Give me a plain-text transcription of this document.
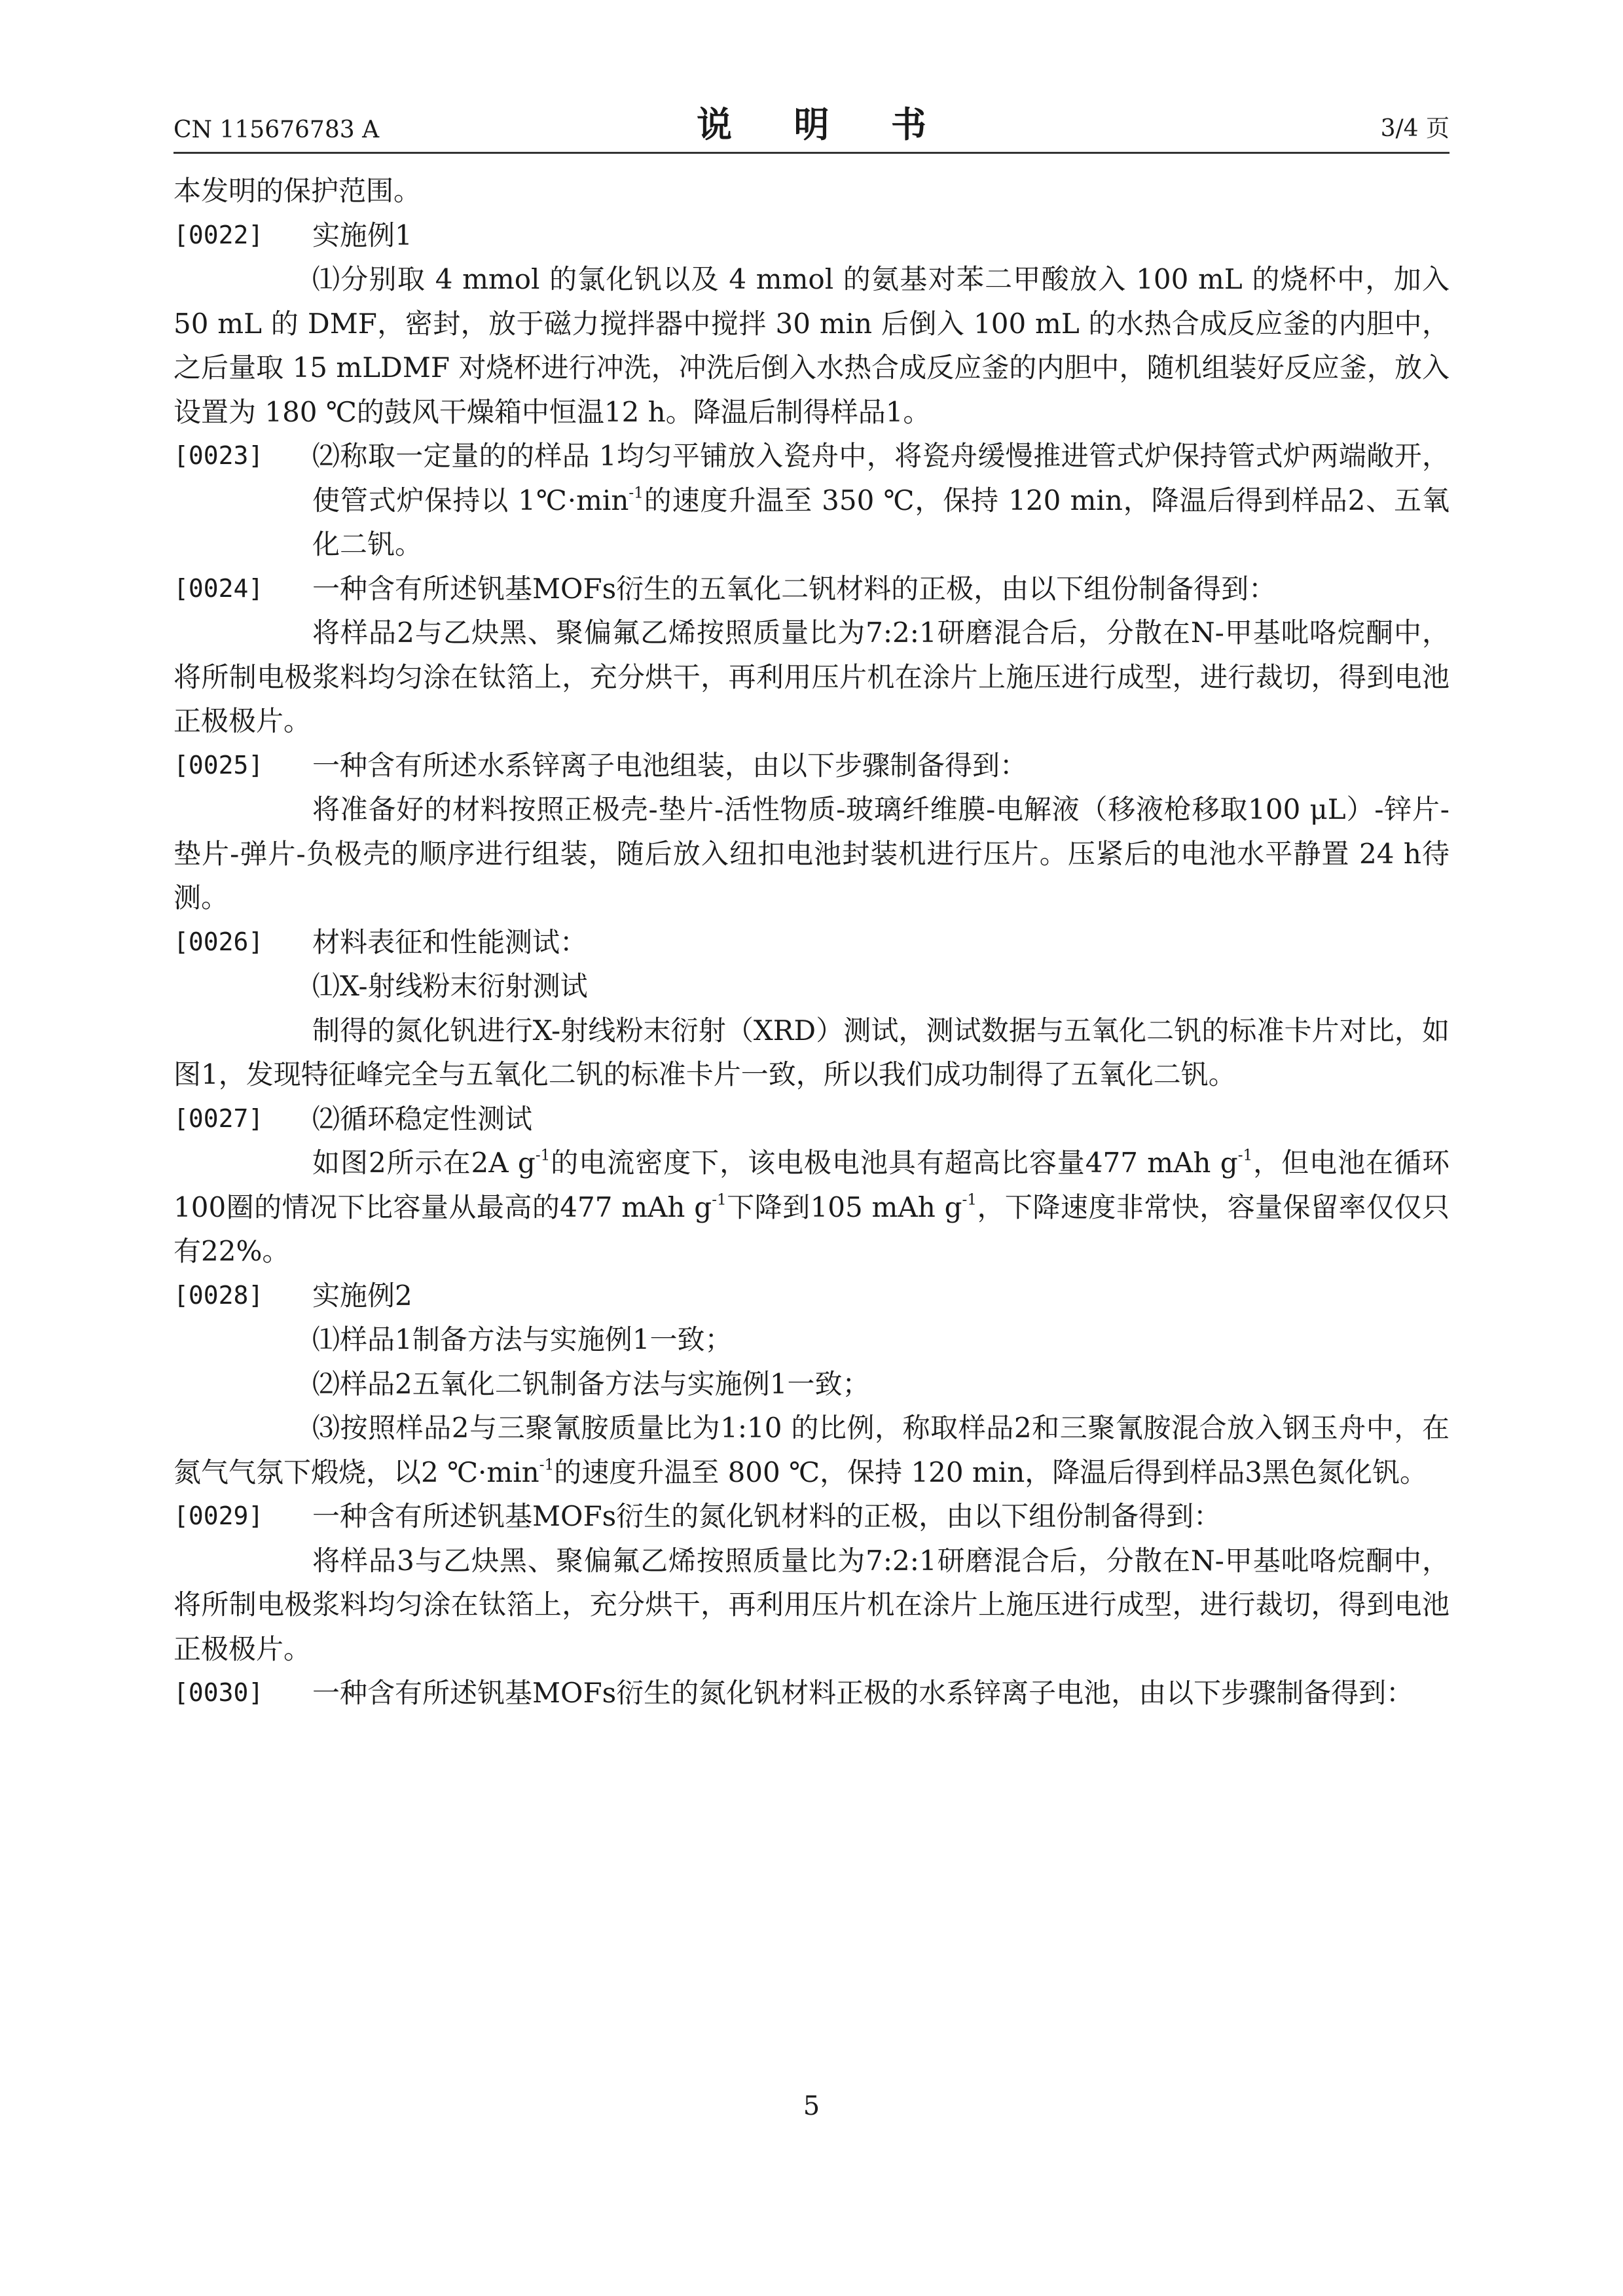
CN 115676783 A	说 明 书	3/4 页

本发明的保护范围。

[0022]	实施例1

⑴分别取 4 mmol 的氯化钒以及 4 mmol 的氨基对苯二甲酸放入 100 mL 的烧杯中，加入 50 mL 的 DMF，密封，放于磁力搅拌器中搅拌 30 min 后倒入 100 mL 的水热合成反应釜的内胆中，之后量取 15 mLDMF 对烧杯进行冲洗，冲洗后倒入水热合成反应釜的内胆中，随机组装好反应釜，放入设置为 180 ℃的鼓风干燥箱中恒温12 h。降温后制得样品1。

[0023]	⑵称取一定量的的样品 1均匀平铺放入瓷舟中，将瓷舟缓慢推进管式炉保持管式炉两端敞开，使管式炉保持以 $1℃\cdot\min^{-1}$的速度升温至 350 ℃，保持 120 min，降温后得到样品2、五氧化二钒。
[0024]	一种含有所述钒基MOFs衍生的五氧化二钒材料的正极，由以下组份制备得到：

将样品2与乙炔黑、聚偏氟乙烯按照质量比为7:2:1研磨混合后，分散在N-甲基吡咯烷酮中，将所制电极浆料均匀涂在钛箔上，充分烘干，再利用压片机在涂片上施压进行成型，进行裁切，得到电池正极极片。

[0025]	一种含有所述水系锌离子电池组装，由以下步骤制备得到：

将准备好的材料按照正极壳-垫片-活性物质-玻璃纤维膜-电解液（移液枪移取100 μL）-锌片-垫片-弹片-负极壳的顺序进行组装，随后放入纽扣电池封装机进行压片。压紧后的电池水平静置 24 h待测。

[0026]	材料表征和性能测试：

⑴X-射线粉末衍射测试

制得的氮化钒进行X-射线粉末衍射（XRD）测试，测试数据与五氧化二钒的标准卡片对比，如图1，发现特征峰完全与五氧化二钒的标准卡片一致，所以我们成功制得了五氧化二钒。

[0027]	⑵循环稳定性测试

如图2所示在2A $g^{-1}$的电流密度下，该电极电池具有超高比容量477 mAh $g^{-1}$，但电池在循环100圈的情况下比容量从最高的477 mAh $g^{-1}$下降到105 mAh $g^{-1}$，下降速度非常快，容量保留率仅仅只有22%。

[0028]	实施例2

⑴样品1制备方法与实施例1一致；

⑵样品2五氧化二钒制备方法与实施例1一致；

⑶按照样品2与三聚氰胺质量比为1:10 的比例，称取样品2和三聚氰胺混合放入钢玉舟中，在氮气气氛下煅烧，以2 $℃\cdot\min^{-1}$的速度升温至 800 ℃，保持 120 min，降温后得到样品3黑色氮化钒。

[0029]	一种含有所述钒基MOFs衍生的氮化钒材料的正极，由以下组份制备得到：

将样品3与乙炔黑、聚偏氟乙烯按照质量比为7:2:1研磨混合后，分散在N-甲基吡咯烷酮中，将所制电极浆料均匀涂在钛箔上，充分烘干，再利用压片机在涂片上施压进行成型，进行裁切，得到电池正极极片。

[0030]	一种含有所述钒基MOFs衍生的氮化钒材料正极的水系锌离子电池，由以下步骤制备得到：
5
